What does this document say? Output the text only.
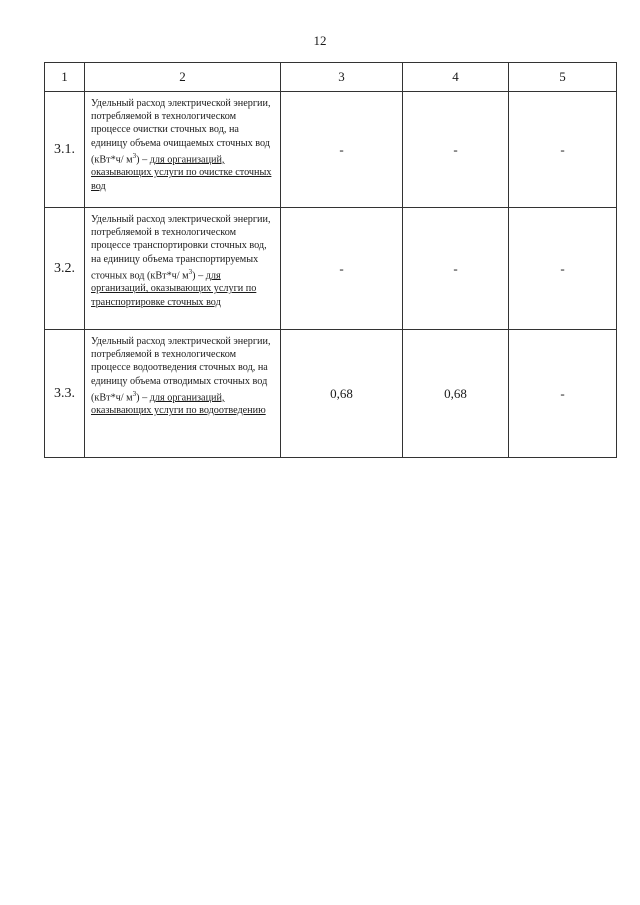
12
1	2	3	4	5
3.1.	Удельный расход электрической энергии, потребляемой в технологическом процессе очистки сточных вод, на единицу объема очищаемых сточных вод (кВт*ч/ $м^3$) – для организаций, оказывающих услуги по очистке сточных вод	-	-	-
3.2.	Удельный расход электрической энергии, потребляемой в технологическом процессе транспортировки сточных вод, на единицу объема транспортируемых сточных вод (кВт*ч/ $м^3$) – для организаций, оказывающих услуги по транспортировке сточных вод	-	-	-
3.3.	Удельный расход электрической энергии, потребляемой в технологическом процессе водоотведения сточных вод, на единицу объема отводимых сточных вод (кВт*ч/ $м^3$) – для организаций, оказывающих услуги по водоотведению	0,68	0,68	-
